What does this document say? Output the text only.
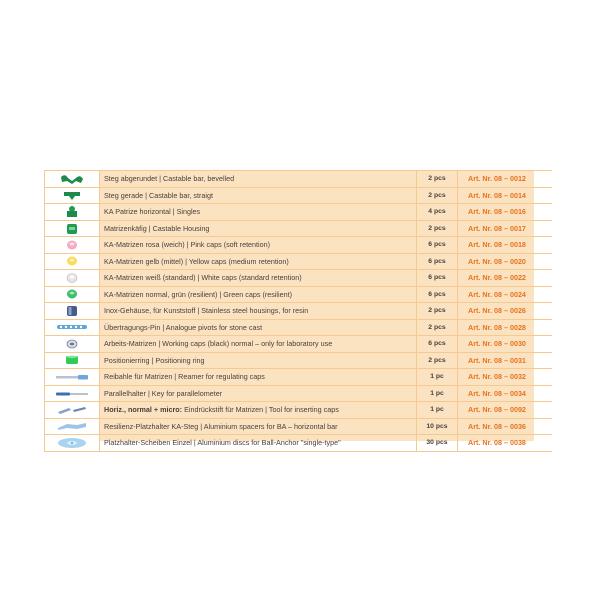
	Steg abgerundet | Castable bar, bevelled	2 pcs	Art. Nr. 08 – 0012
	Steg gerade | Castable bar, straigt	2 pcs	Art. Nr. 08 – 0014
	KA Patrize horizontal | Singles	4 pcs	Art. Nr. 08 – 0016
	Matrizenkäfig | Castable Housing	2 pcs	Art. Nr. 08 – 0017
	KA-Matrizen rosa (weich) | Pink caps (soft retention)	6 pcs	Art. Nr. 08 – 0018
	KA-Matrizen gelb (mittel) | Yellow caps (medium retention)	6 pcs	Art. Nr. 08 – 0020
	KA-Matrizen weiß (standard) | White caps (standard retention)	6 pcs	Art. Nr. 08 – 0022
	KA-Matrizen normal, grün (resilient) | Green caps (resilient)	6 pcs	Art. Nr. 08 – 0024
	Inox-Gehäuse, für Kunststoff | Stainless steel housings, for resin	2 pcs	Art. Nr. 08 – 0026
	Übertragungs-Pin | Analogue pivots for stone cast	2 pcs	Art. Nr. 08 – 0028
	Arbeits-Matrizen | Working caps (black) normal – only for laboratory use	6 pcs	Art. Nr. 08 – 0030
	Positionierring | Positioning ring	2 pcs	Art. Nr. 08 – 0031
	Reibahle für Matrizen | Reamer for regulating caps	1 pc	Art. Nr. 08 – 0032
	Parallelhalter | Key for parallelometer	1 pc	Art. Nr. 08 – 0034
	Horiz., normal + micro: Eindrückstift für Matrizen | Tool for inserting caps	1 pc	Art. Nr. 08 – 0092
	Resilienz-Platzhalter KA-Steg | Aluminium spacers for BA – horizontal bar	10 pcs	Art. Nr. 08 – 0036
	Platzhalter-Scheiben Einzel | Aluminium discs for Ball-Anchor "single-type"	30 pcs	Art. Nr. 08 – 0038
